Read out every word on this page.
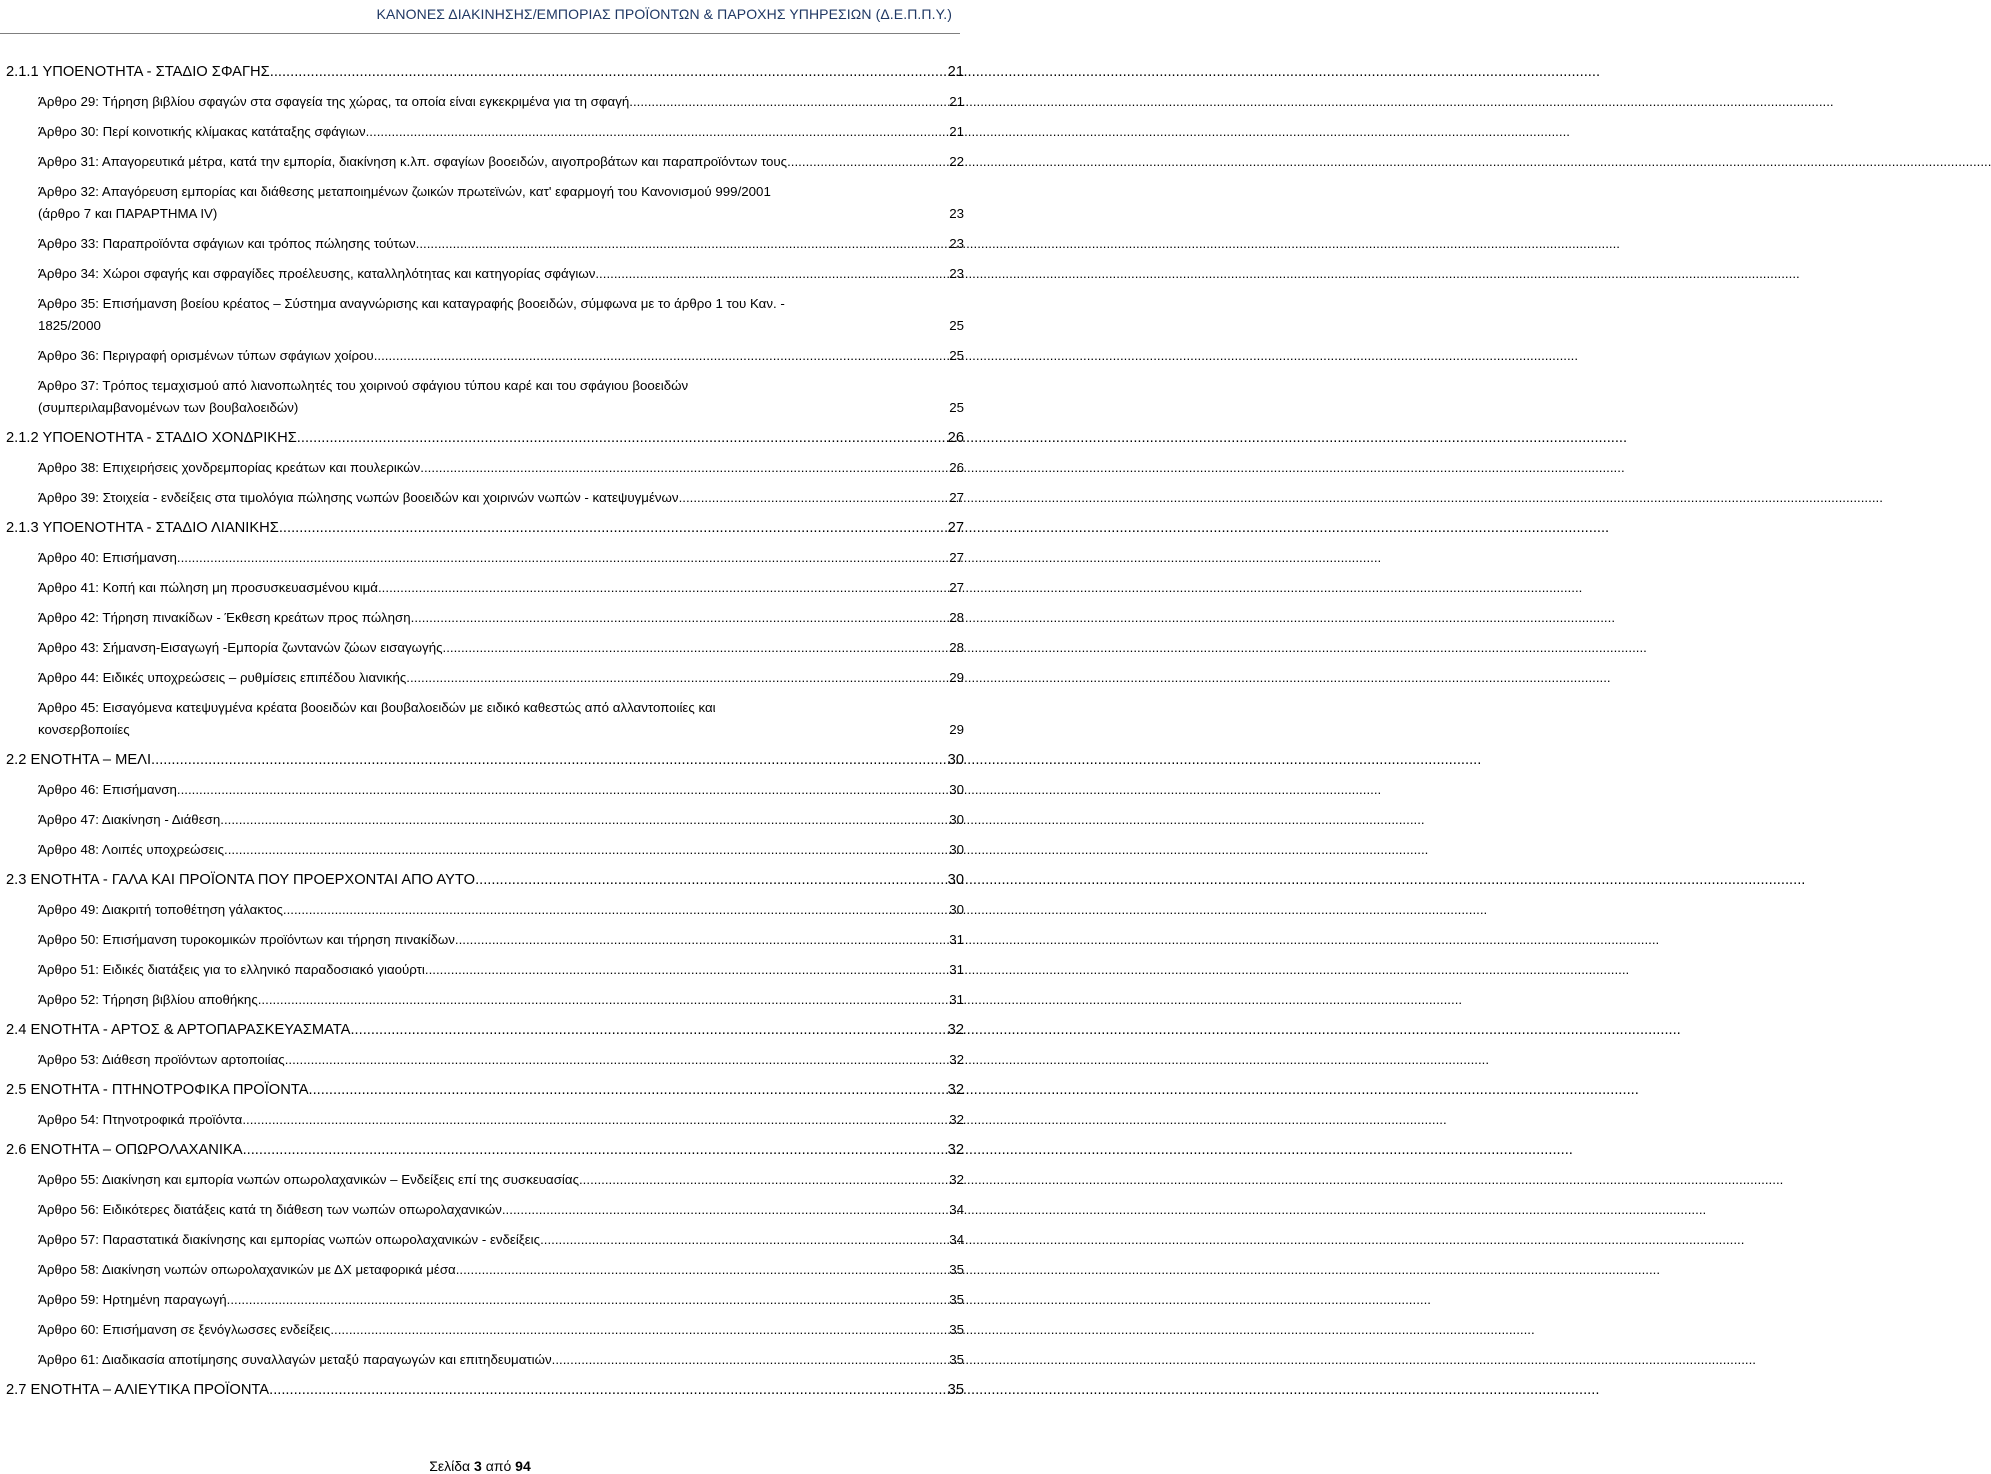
ΚΑΝΟΝΕΣ ΔΙΑΚΙΝΗΣΗΣ/ΕΜΠΟΡΙΑΣ ΠΡΟΪΟΝΤΩΝ & ΠΑΡΟΧΗΣ ΥΠΗΡΕΣΙΩΝ (Δ.Ε.Π.Π.Υ.)
2.1.1 ΥΠΟΕΝΟΤΗΤΑ - ΣΤΑΔΙΟ ΣΦΑΓΗΣ .....	21
Άρθρο 29: Τήρηση βιβλίου σφαγών στα σφαγεία της χώρας, τα οποία είναι εγκεκριμένα για τη σφαγή .....	21
Άρθρο 30: Περί κοινοτικής κλίμακας κατάταξης σφάγιων .....	21
Άρθρο 31: Απαγορευτικά μέτρα, κατά την εμπορία, διακίνηση κ.λπ. σφαγίων βοοειδών, αιγοπροβάτων και παραπροϊόντων τους .....	22
Άρθρο 32: Απαγόρευση εμπορίας και διάθεσης μεταποιημένων ζωικών πρωτεϊνών, κατ' εφαρμογή του Κανονισμού 999/2001
(άρθρο 7 και ΠΑΡΑΡΤΗΜΑ IV)	23
Άρθρο 33: Παραπροϊόντα σφάγιων και τρόπος πώλησης τούτων .....	23
Άρθρο 34: Χώροι σφαγής και σφραγίδες προέλευσης, καταλληλότητας και κατηγορίας σφάγιων .....	23
Άρθρο 35: Επισήμανση βοείου κρέατος – Σύστημα αναγνώρισης και καταγραφής βοοειδών, σύμφωνα με το άρθρο 1 του Καν. -
1825/2000	25
Άρθρο 36: Περιγραφή ορισμένων τύπων σφάγιων χοίρου .....	25
Άρθρο 37: Τρόπος τεμαχισμού από λιανοπωλητές του χοιρινού σφάγιου τύπου καρέ και του σφάγιου βοοειδών
(συμπεριλαμβανομένων των βουβαλοειδών)	25
2.1.2 ΥΠΟΕΝΟΤΗΤΑ - ΣΤΑΔΙΟ ΧΟΝΔΡΙΚΗΣ .....	26
Άρθρο 38: Επιχειρήσεις χονδρεμπορίας κρεάτων και πουλερικών .....	26
Άρθρο 39: Στοιχεία - ενδείξεις στα τιμολόγια πώλησης νωπών βοοειδών και χοιρινών νωπών - κατεψυγμένων .....	27
2.1.3 ΥΠΟΕΝΟΤΗΤΑ - ΣΤΑΔΙΟ ΛΙΑΝΙΚΗΣ .....	27
Άρθρο 40: Επισήμανση .....	27
Άρθρο 41: Κοπή και πώληση μη προσυσκευασμένου κιμά .....	27
Άρθρο 42: Τήρηση πινακίδων - Έκθεση κρεάτων προς πώληση .....	28
Άρθρο 43: Σήμανση-Εισαγωγή -Εμπορία ζωντανών ζώων εισαγωγής .....	28
Άρθρο 44: Ειδικές υποχρεώσεις – ρυθμίσεις επιπέδου λιανικής .....	29
Άρθρο 45: Εισαγόμενα κατεψυγμένα κρέατα βοοειδών και βουβαλοειδών με ειδικό καθεστώς από αλλαντοποιίες και
κονσερβοποιίες	29
2.2 ΕΝΟΤΗΤΑ – ΜΕΛΙ .....	30
Άρθρο 46: Επισήμανση .....	30
Άρθρο 47: Διακίνηση - Διάθεση .....	30
Άρθρο 48: Λοιπές υποχρεώσεις .....	30
2.3 ΕΝΟΤΗΤΑ - ΓΑΛΑ ΚΑΙ ΠΡΟΪΟΝΤΑ ΠΟΥ ΠΡΟΕΡΧΟΝΤΑΙ ΑΠΟ ΑΥΤΟ .....	30
Άρθρο 49: Διακριτή τοποθέτηση γάλακτος .....	30
Άρθρο 50: Επισήμανση τυροκομικών προϊόντων και τήρηση πινακίδων .....	31
Άρθρο 51: Ειδικές διατάξεις για το ελληνικό παραδοσιακό γιαούρτι .....	31
Άρθρο 52: Τήρηση βιβλίου αποθήκης .....	31
2.4 ΕΝΟΤΗΤΑ - ΑΡΤΟΣ & ΑΡΤΟΠΑΡΑΣΚΕΥΑΣΜΑΤΑ .....	32
Άρθρο 53: Διάθεση προϊόντων αρτοποιίας .....	32
2.5 ΕΝΟΤΗΤΑ - ΠΤΗΝΟΤΡΟΦΙΚΑ ΠΡΟΪΟΝΤΑ .....	32
Άρθρο 54: Πτηνοτροφικά προϊόντα .....	32
2.6 ΕΝΟΤΗΤΑ – ΟΠΩΡΟΛΑΧΑΝΙΚΑ .....	32
Άρθρο 55: Διακίνηση και εμπορία νωπών οπωρολαχανικών – Ενδείξεις επί της συσκευασίας .....	32
Άρθρο 56: Ειδικότερες διατάξεις κατά τη διάθεση των νωπών οπωρολαχανικών .....	34
Άρθρο 57: Παραστατικά διακίνησης και εμπορίας νωπών οπωρολαχανικών - ενδείξεις .....	34
Άρθρο 58: Διακίνηση νωπών οπωρολαχανικών με ΔΧ μεταφορικά μέσα .....	35
Άρθρο 59: Ηρτημένη παραγωγή .....	35
Άρθρο 60: Επισήμανση σε ξενόγλωσσες ενδείξεις .....	35
Άρθρο 61: Διαδικασία αποτίμησης συναλλαγών μεταξύ παραγωγών και επιτηδευματιών .....	35
2.7 ΕΝΟΤΗΤΑ – ΑΛΙΕΥΤΙΚΑ ΠΡΟΪΟΝΤΑ .....	35
Σελίδα 3 από 94
